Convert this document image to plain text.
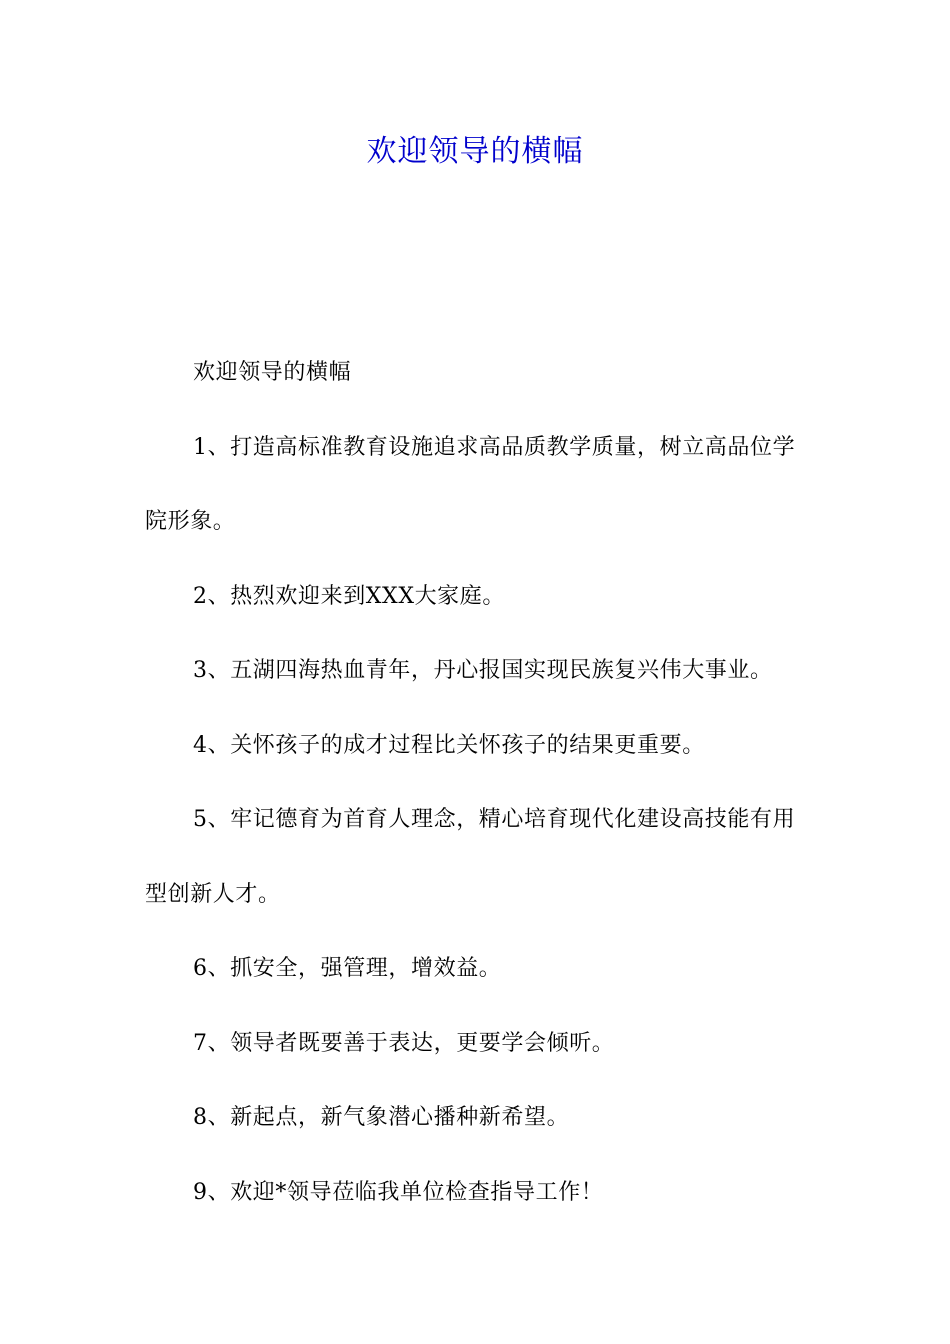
欢迎领导的横幅

欢迎领导的横幅

1、打造高标准教育设施追求高品质教学质量，树立高品位学院形象。

2、热烈欢迎来到XXX大家庭。

3、五湖四海热血青年，丹心报国实现民族复兴伟大事业。

4、关怀孩子的成才过程比关怀孩子的结果更重要。

5、牢记德育为首育人理念，精心培育现代化建设高技能有用型创新人才。

6、抓安全，强管理，增效益。

7、领导者既要善于表达，更要学会倾听。

8、新起点，新气象潜心播种新希望。

9、欢迎*领导莅临我单位检查指导工作！
